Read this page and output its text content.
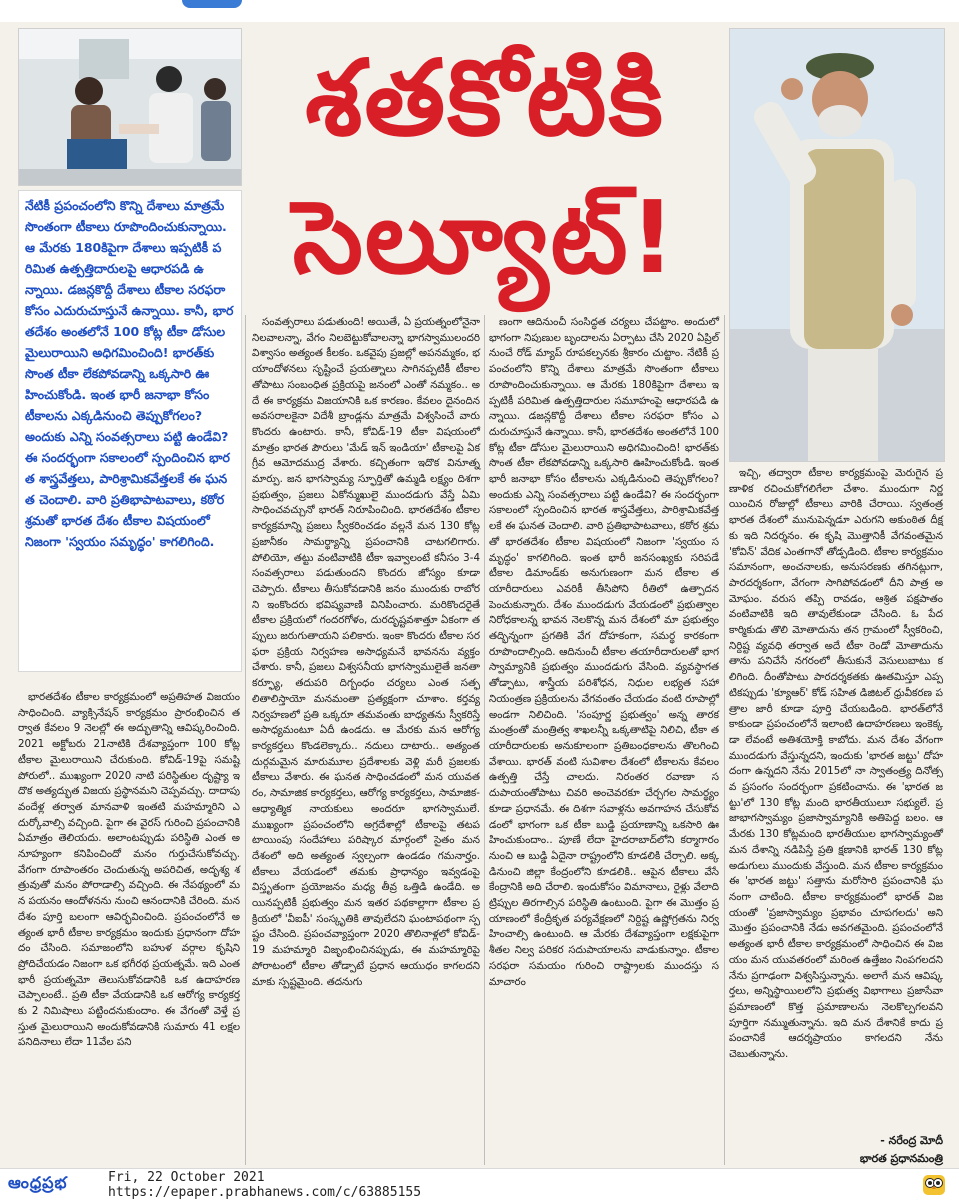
శతకోటికి
సెల్యూట్!

నేటికీ ప్రపంచంలోని కొన్ని దేశాలు మాత్రమే సొంతంగా టీకాలు రూపొందించుకున్నాయి. ఆ మేరకు 180కిపైగా దేశాలు ఇప్పటికీ పరిమిత ఉత్పత్తిదారులపై ఆధారపడి ఉన్నాయి. డజన్లకొద్దీ దేశాలు టీకాల సరఫరా కోసం ఎదురుచూస్తునే ఉన్నాయి. కానీ, భారతదేశం అంతలోనే 100 కోట్ల టీకా డోసుల మైలురాయిని అధిగమించింది! భారత్‌కు సొంత టీకా లేకపోవడాన్ని ఒక్కసారి ఊహించుకోండి. ఇంత భారీ జనాభా కోసం టీకాలను ఎక్కడినుంచి తెప్పుకోగలం? అందుకు ఎన్ని సంవత్సరాలు పట్టి ఉండేవి? ఈ సందర్భంగా సకాలంలో స్పందించిన భారత శాస్త్రవేత్తలు, పారిశ్రామికవేత్తలకే ఈ ఘనత చెందాలి. వారి ప్రతిభాపాటవాలు, కఠోర శ్రమతో భారత దేశం టీకాల విషయంలో నిజంగా 'స్వయం సమృద్ధం' కాగలిగింది.

భారతదేశం టీకాల కార్యక్రమంలో అప్రతిహత విజయం సాధించింది. వ్యాక్సినేషన్ కార్యక్రమం ప్రారంభించిన తర్వాత కేవలం 9 నెలల్లో ఈ అద్భుతాన్ని ఆవిష్కరించింది. 2021 అక్టోబరు 21నాటికి దేశవ్యాప్తంగా 100 కోట్ల టీకాల మైలురాయిని చేరుకుంది. కోవిడ్-19పై సమష్టి పోరులో.. ముఖ్యంగా 2020 నాటి పరిస్థితుల దృష్ట్యా ఇదొక అత్యద్భుత విజయ ప్రస్థానమని చెప్పవచ్చు. దాదాపు వందేళ్ల తర్వాత మానవాళి ఇంతటి మహమ్మారిని ఎదుర్కోవాల్సి వచ్చింది. పైగా ఈ వైరస్ గురించి ప్రపంచానికి ఏమాత్రం తెలియదు. అలాంటప్పుడు పరిస్థితి ఎంత అనూహ్యంగా కనిపించిందో మనం గుర్తుచేసుకోవచ్చు. వేగంగా రూపాంతరం చెందుతున్న అపరిచిత, అదృశ్య శత్రువుతో మనం పోరాడాల్సి వచ్చింది. ఈ నేపథ్యంలో మన పయనం ఆందోళనను నుంచి ఆనందానికి చేరింది. మన దేశం పూర్తి బలంగా ఆవిర్భవించింది. ప్రపంచంలోనే అత్యంత భారీ టీకాల కార్యక్రమం ఇందుకు ప్రధానంగా దోహదం చేసింది. సమాజంలోని బహుళ వర్గాల కృషిని ప్రోదిచేయడం నిజంగా ఒక భగీరథ ప్రయత్నమే. ఇది ఎంత భారీ ప్రయత్నమో తెలుసుకోవడానికి ఒక ఉదాహరణ చెప్పాలంటే.. ప్రతి టీకా వేయడానికి ఒక ఆరోగ్య కార్యకర్తకు 2 నిమిషాలు పట్టిందనుకుందాం. ఈ వేగంతో వెళ్తే ప్రస్తుత మైలురాయిని అందుకోవడానికి సుమారు 41 లక్షల పనిదినాలు లేదా 11వేల పని

సంవత్సరాలు పడుతుంది! అయితే, ఏ ప్రయత్నంలోనైనా నిలవాలన్నా, వేగం నిలబెట్టుకోవాలన్నా భాగస్వాములందరి విశ్వాసం అత్యంత కీలకం. ఒకవైపు ప్రజల్లో అపనమ్మకం, భయాందోళనలు సృష్టించే ప్రయత్నాలు సాగినప్పటికీ టీకాలతోపాటు సంబంధిత ప్రక్రియపై జనంలో ఎంతో నమ్మకం.. అదే ఈ కార్యక్రమ విజయానికి ఒక కారణం. కేవలం దైనందిన అవసరాలకైనా విదేశీ బ్రాండ్లను మాత్రమే విశ్వసించే వారు కొందరు ఉంటారు. కానీ, కోవిడ్-19 టీకా విషయంలో మాత్రం భారత పౌరులు 'మేడ్ ఇన్ ఇండియా' టీకాలపై ఏకగ్రీవ ఆమోదముద్ర వేశారు. కచ్చితంగా ఇదొక వినూత్న మార్పు. జన భాగస్వామ్య స్ఫూర్తితో ఉమ్మడి లక్ష్యం దిశగా ప్రభుత్వం, ప్రజలు ఏకోన్ముఖులై ముందడుగు వేస్తే ఏమి సాధించవచ్చునో భారత్ నిరూపించింది. భారతదేశం టీకాల కార్యక్రమాన్ని ప్రజలు స్వీకరించడం వల్లనే మన 130 కోట్ల ప్రజానీకం సామర్థ్యాన్ని ప్రపంచానికి చాటగలిగారు. పోలియో, తట్టు వంటివాటికి టీకా ఇవ్వాలంటే కనీసం 3-4 సంవత్సరాలు పడుతుందని కొందరు జోస్యం కూడా చెప్పారు. టీకాలు తీసుకోవడానికి జనం ముందుకు రాబోరని ఇంకొందరు భవిష్యవాణి వినిపించారు. మరికొందరైతే టీకాల ప్రక్రియలో గందరగోళం, దురదృష్టవశాత్తూ ఏకంగా తప్పులు జరుగుతాయని పలికారు. ఇంకా కొందరు టీకాల సరఫరా ప్రక్రియ నిర్వహణ అసాధ్యమనే భావనను వ్యక్తం చేశారు. కానీ, ప్రజలు విశ్వసనీయ భాగస్వాములైతే జనతా కర్ఫ్యూ, తదుపరి దిగ్బంధం చర్యలు ఎంత సత్ఫలితాలిస్తాయో మనమంతా ప్రత్యక్షంగా చూశాం. కర్తవ్య నిర్వహణలో ప్రతి ఒక్కరూ తమవంతు బాధ్యతను స్వీకరిస్తే అసాధ్యమంటూ ఏదీ ఉండదు. ఆ మేరకు మన ఆరోగ్య కార్యకర్తలు కొండలెక్కారు.. నదులు దాటారు.. అత్యంత దుర్గమమైన మారుమూల ప్రదేశాలకు వెళ్లి మరీ ప్రజలకు టీకాలు వేశారు. ఈ ఘనత సాధించడంలో మన యువతరం, సామాజిక కార్యకర్తలు, ఆరోగ్య కార్యకర్తలు, సామాజిక-ఆధ్యాత్మిక నాయకులు అందరూ భాగస్వాములే. ముఖ్యంగా ప్రపంచంలోని అగ్రదేశాల్లో టీకాలపై తటపటాయింపు సందేహాలు పరిష్కార మార్గంలో సైతం మన దేశంలో అది అత్యంత స్వల్పంగా ఉండడం గమనార్హం. టీకాలు వేయడంలో తమకు ప్రాధాన్యం ఇవ్వడంపై విస్తృతంగా ప్రయోజనం మధ్య తీవ్ర ఒత్తిడి ఉండేది. అయినప్పటికీ ప్రభుత్వం మన ఇతర పథకాల్లాగా టీకాల ప్రక్రియలో 'వీఐపీ' సంస్కృతికి తావులేదని ఘంటాపథంగా స్పష్టం చేసింది. ప్రపంచవ్యాప్తంగా 2020 తొలినాళ్లలో కోవిడ్-19 మహమ్మారి విజృంభించినప్పుడు, ఈ మహమ్మారిపై పోరాటంలో టీకాల తోడ్పాటే ప్రధాన ఆయుధం కాగలదని మాకు స్పష్టమైంది. తదనుగు

ణంగా ఆదినుంచీ సంసిద్ధత చర్యలు చేపట్టాం. అందులో భాగంగా నిపుణుల బృందాలను ఏర్పాటు చేసి 2020 ఏప్రిల్ నుంచే రోడ్ మ్యాప్ రూపకల్పనకు శ్రీకారం చుట్టాం. నేటికీ ప్రపంచంలోని కొన్ని దేశాలు మాత్రమే సొంతంగా టీకాలు రూపొందించుకున్నాయి. ఆ మేరకు 180కిపైగా దేశాలు ఇప్పటికీ పరిమిత ఉత్పత్తిదారుల సమూహంపై ఆధారపడి ఉన్నాయి. డజన్లకొద్దీ దేశాలు టీకాల సరఫరా కోసం ఎదురుచూస్తునే ఉన్నాయి. కానీ, భారతదేశం అంతలోనే 100 కోట్ల టీకా డోసుల మైలురాయిని అధిగమించింది! భారత్‌కు సొంత టీకా లేకపోవడాన్ని ఒక్కసారి ఊహించుకోండి. ఇంత భారీ జనాభా కోసం టీకాలను ఎక్కడినుంచి తెప్పుకోగలం? అందుకు ఎన్ని సంవత్సరాలు పట్టి ఉండేవి? ఈ సందర్భంగా సకాలంలో స్పందించిన భారత శాస్త్రవేత్తలు, పారిశ్రామికవేత్తలకే ఈ ఘనత చెందాలి. వారి ప్రతిభాపాటవాలు, కఠోర శ్రమతో భారతదేశం టీకాల విషయంలో నిజంగా 'స్వయం సమృద్ధం' కాగలిగింది. ఇంత భారీ జనసంఖ్యకు సరిపడే టీకాల డిమాండ్‌కు అనుగుణంగా మన టీకాల తయారీదారులు ఎవరికీ తీసిపోని రీతిలో ఉత్పాదన పెంచుకున్నారు. దేశం ముందడుగు వేయడంలో ప్రభుత్వాల నిరోధకాలన్న భావన నెలకొన్న మన దేశంలో మా ప్రభుత్వం తద్భిన్నంగా ప్రగతికి వేగ దోహకంగా, సమర్థ కారకంగా రూపొందాల్సింది. ఆదినుంచీ టీకాల తయారీదారులతో భాగస్వామ్యానికి ప్రభుత్వం ముందడుగు వేసింది. వ్యవస్థాగత తోడ్పాటు, శాస్త్రీయ పరిశోధన, నిధుల లభ్యత సహా నియంత్రణ ప్రక్రియలను వేగవంతం చేయడం వంటి రూపాల్లో అండగా నిలిచింది. 'సంపూర్ణ ప్రభుత్వం' అన్న తారకమంత్రంతో మంత్రిత్వ శాఖలన్నీ ఒక్కతాటిపై నిలిచి, టీకా తయారీదారులకు అనుకూలంగా ప్రతిబంధకాలను తొలగించి వేశాయి. భారత్ వంటి సువిశాల దేశంలో టీకాలను కేవలం ఉత్పత్తి చేస్తే చాలదు. నిరంతర రవాణా సదుపాయంతోపాటు చివరి అంచెవరకూ చేర్చగల సామర్థ్యం కూడా ప్రధానమే. ఈ దిశగా సవాళ్లను అవగాహన చేసుకోవడంలో భాగంగా ఒక టీకా బుడ్డి ప్రయాణాన్ని ఒకసారి ఊహించుకుందాం.. పూణే లేదా హైదరాబాద్‌లోని కర్మాగారం నుంచి ఆ బుడ్డి ఏదైనా రాష్ట్రంలోని కూడలికి చేర్చాలి. అక్కడినుంచి జిల్లా కేంద్రంలోని కూడలికి.. ఆపైన టీకాలు వేసే కేంద్రానికి అది చేరాలి. ఇందుకోసం విమానాలు, రైళ్లు వేలాది ట్రిప్పుల తిరగాల్సిన పరిస్థితి ఉంటుంది. పైగా ఈ మొత్తం ప్రయాణంలో కేంద్రీకృత పర్యవేక్షణలో నిర్దిష్ట ఉష్ణోగ్రతను నిర్వహించాల్సి ఉంటుంది. ఆ మేరకు దేశవ్యాప్తంగా లక్షకుపైగా శీతల నిల్వ పరికర సదుపాయాలను వాడుకున్నాం. టీకాల సరఫరా సమయం గురించి రాష్ట్రాలకు ముందస్తు సమాచారం

ఇచ్చి, తద్వారా టీకాల కార్యక్రమంపై మెరుగైన ప్రణాళిక రచించుకోగలిగేలా చేశాం. ముందుగా నిర్ణయించిన రోజుల్లో టీకాలు వారికి చేరాయి. స్వతంత్ర భారత దేశంలో మునుపెన్నడూ ఎరుగని అకుంఠిత దీక్షకు ఇది నిదర్శనం. ఈ కృషి మొత్తానికీ వేగవంతమైన 'కోవిన్' వేదిక ఎంతగానో తోడ్పడింది. టీకాల కార్యక్రమం సమానంగా, అంచనాలకు, అనుసరణకు తగినట్లుగా, పారదర్శకంగా, వేగంగా సాగిపోవడంలో దీని పాత్ర అమోఘం. వరుస తప్పి రావడం, ఆశ్రిత పక్షపాతం వంటివాటికి ఇది తావులేకుండా చేసింది. ఓ పేద కార్మికుడు తొలి మోతాదును తన గ్రామంలో స్వీకరించి, నిర్దిష్ట వ్యవధి తర్వాత అదే టీకా రెండో మోతాదును తాను పనిచేసే నగరంలో తీసుకునే వెసులుబాటు కలిగింది. దీంతోపాటు పారదర్శకతకు ఊతమిస్తూ ఎప్పటికప్పుడు 'క్యూఆర్' కోడ్ సహిత డిజిటల్ ధ్రువీకరణ పత్రాల జారీ కూడా పూర్తి చేయబడింది. భారత్‌లోనే కాకుండా ప్రపంచంలోనే ఇలాంటి ఉదాహరణలు ఇంకెక్కడా లేవంటే అతిశయోక్తి కాబోదు. మన దేశం వేగంగా ముందడుగు వేస్తున్నదని, ఇందుకు 'భారత జట్టు' దోహదంగా ఉన్నదని నేను 2015లో నా స్వాతంత్ర్య దినోత్సవ ప్రసంగం సందర్భంగా ప్రకటించాను. ఈ 'భారత జట్టు'లో 130 కోట్ల మంది భారతీయులూ సభ్యులే. ప్రజాభాగస్వామ్యం ప్రజాస్వామ్యానికి అతిపెద్ద బలం. ఆ మేరకు 130 కోట్లమంది భారతీయుల భాగస్వామ్యంతో మన దేశాన్ని నడిపిస్తే ప్రతి క్షణానికి భారత్ 130 కోట్ల అడుగులు ముందుకు వేస్తుంది. మన టీకాల కార్యక్రమం ఈ 'భారత జట్టు' సత్తాను మరోసారి ప్రపంచానికి ఘనంగా చాటింది. టీకాల కార్యక్రమంలో భారత్ విజయంతో 'ప్రజాస్వామ్యం ప్రభావం చూపగలదు' అని మొత్తం ప్రపంచానికి నేడు అవగతమైంది. ప్రపంచంలోనే అత్యంత భారీ టీకాల కార్యక్రమంలో సాధించిన ఈ విజయం మన యువతరంలో మరింత ఉత్తేజం నింపగలదని నేను ప్రగాఢంగా విశ్వసిస్తున్నాను. అలాగే మన ఆవిష్కర్తలు, అన్నిస్థాయిలలోని ప్రభుత్వ విభాగాలు ప్రజాసేవా ప్రమాణంలో కొత్త ప్రమాణాలను నెలకొల్పగలవని పూర్తిగా నమ్ముతున్నాను. ఇది మన దేశానికే కాదు ప్రపంచానికే ఆదర్శప్రాయం కాగలదని నేను చెబుతున్నాను.

- నరేంద్ర మోదీ
భారత ప్రధానమంత్రి
ఆంధ్రప్రభ	Fri, 22 October 2021
https://epaper.prabhanews.com/c/63885155
